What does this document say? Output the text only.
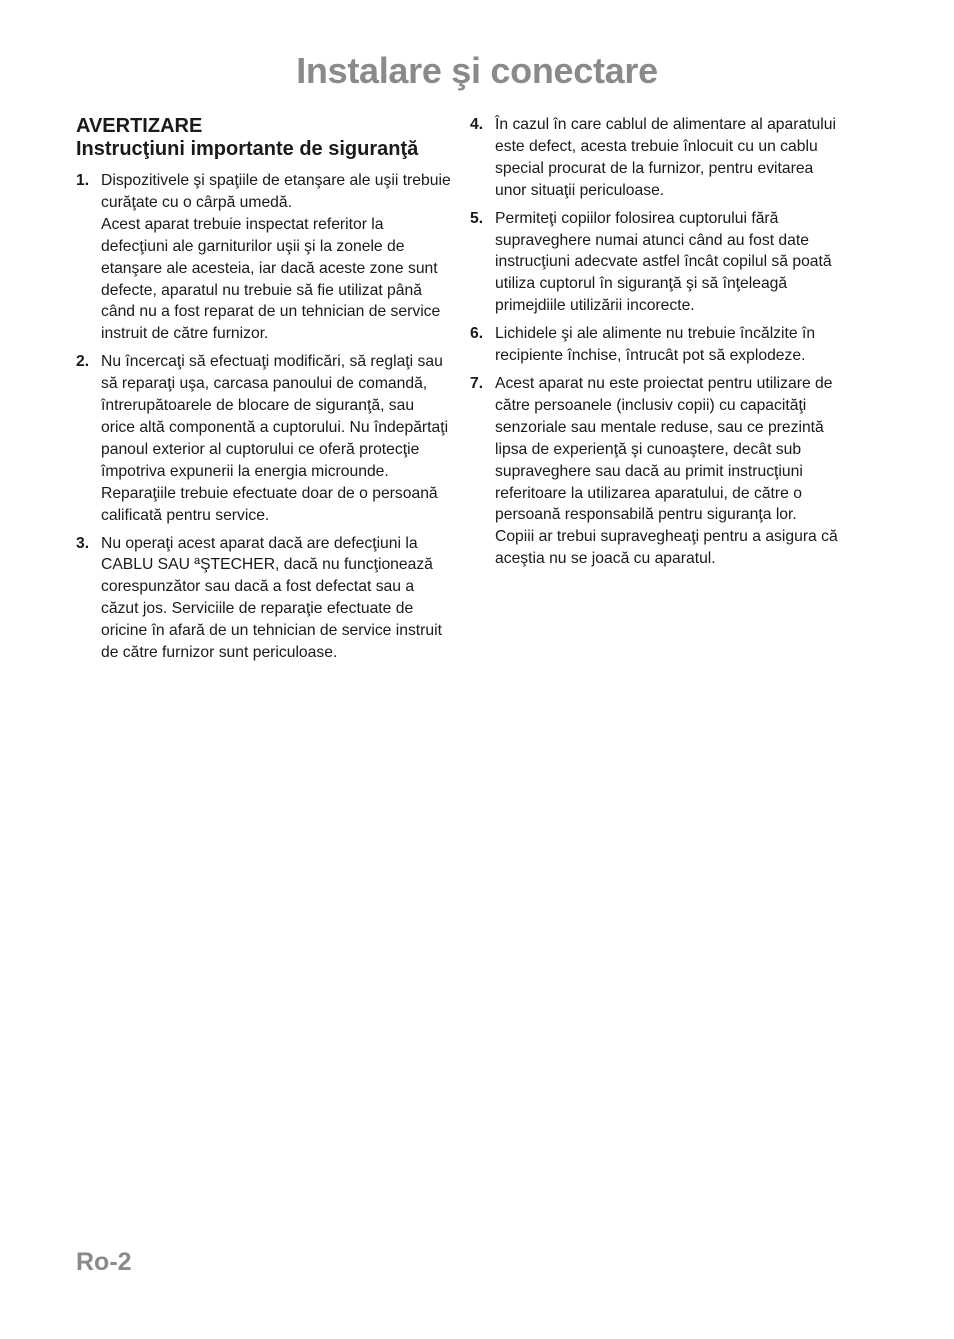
Instalare şi conectare
AVERTIZARE
Instrucţiuni importante de siguranţă
1. Dispozitivele şi spaţiile de etanşare ale uşii trebuie curăţate cu o cârpă umedă.

Acest aparat trebuie inspectat referitor la defecţiuni ale garniturilor uşii şi la zonele de etanşare ale acesteia, iar dacă aceste zone sunt defecte, aparatul nu trebuie să fie utilizat până când nu a fost reparat de un tehnician de service instruit de către furnizor.

2. Nu încercaţi să efectuaţi modificări, să reglaţi sau să reparaţi uşa, carcasa panoului de comandă, întrerupătoarele de blocare de siguranţă, sau orice altă componentă a cuptorului. Nu îndepărtaţi panoul exterior al cuptorului ce oferă protecţie împotriva expunerii la energia microunde.

Reparaţiile trebuie efectuate doar de o persoană calificată pentru service.

3. Nu operaţi acest aparat dacă are defecţiuni la CABLU SAU ªŞTECHER, dacă nu funcţionează corespunzător sau dacă a fost defectat sau a căzut jos. Serviciile de reparaţie efectuate de oricine în afară de un tehnician de service instruit de către furnizor sunt periculoase.

4. În cazul în care cablul de alimentare al aparatului este defect, acesta trebuie înlocuit cu un cablu special procurat de la furnizor, pentru evitarea unor situaţii periculoase.

5. Permiteţi copiilor folosirea cuptorului fără supraveghere numai atunci când au fost date instrucţiuni adecvate astfel încât copilul să poată utiliza cuptorul în siguranţă şi să înţeleagă primejdiile utilizării incorecte.

6. Lichidele şi ale alimente nu trebuie încălzite în recipiente închise, întrucât pot să explodeze.

7. Acest aparat nu este proiectat pentru utilizare de către persoanele (inclusiv copii) cu capacităţi senzoriale sau mentale reduse, sau ce prezintă lipsa de experienţă şi cunoaştere, decât sub supraveghere sau dacă au primit instrucţiuni referitoare la utilizarea aparatului, de către o persoană responsabilă pentru siguranţa lor.

Copiii ar trebui supravegheaţi pentru a asigura că aceştia nu se joacă cu aparatul.

Ro-2
